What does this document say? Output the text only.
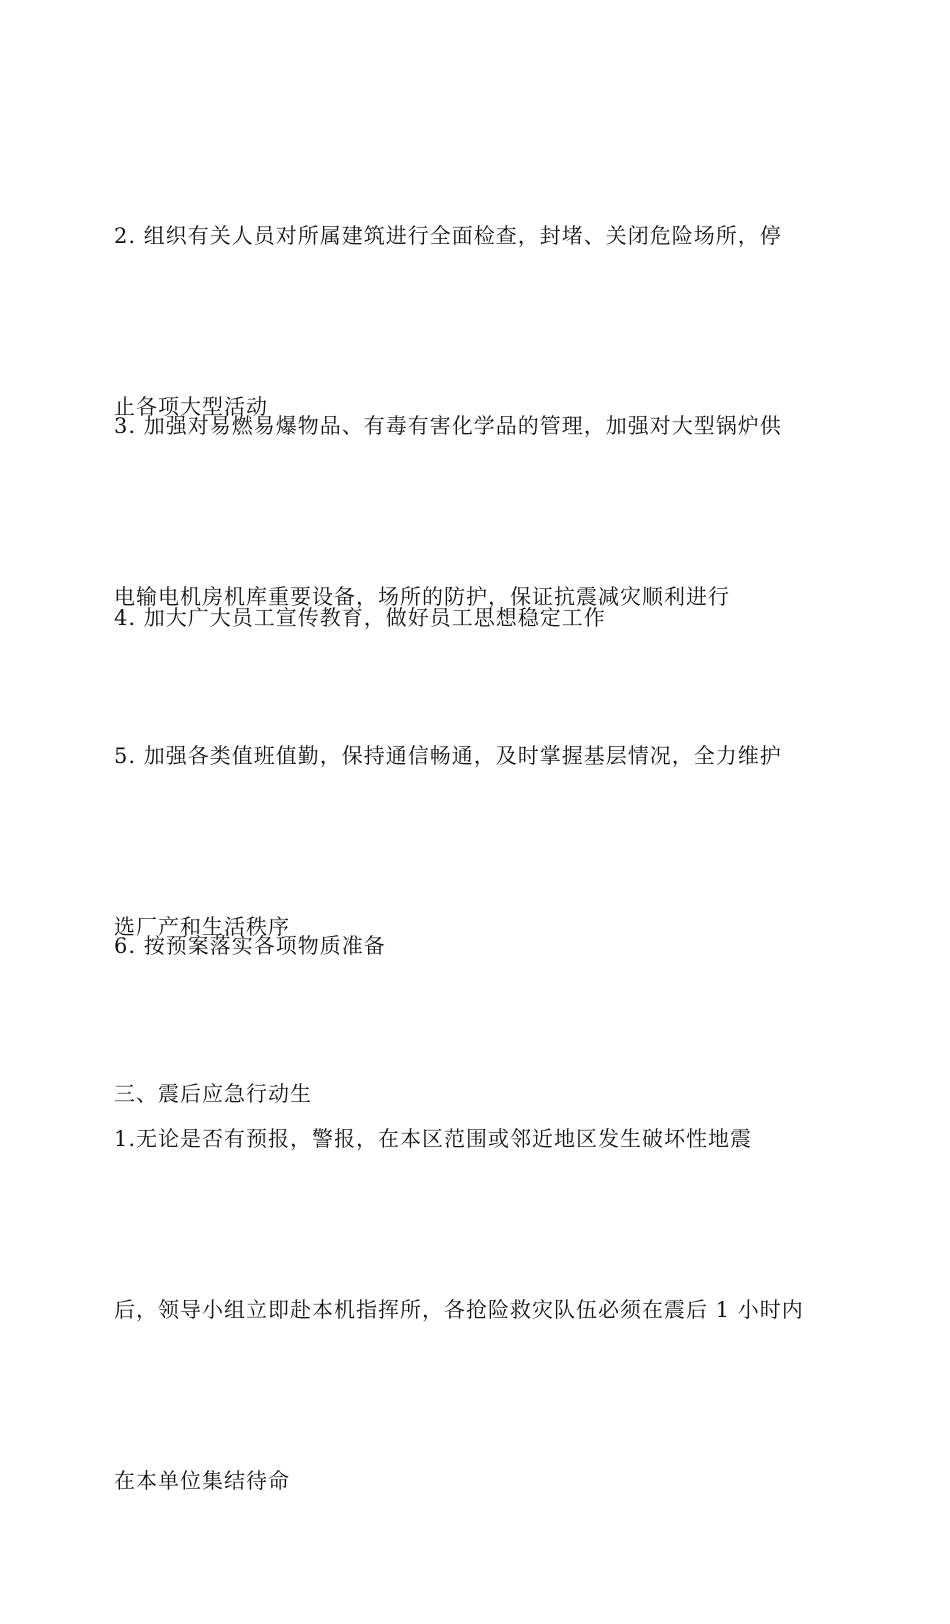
2. 组织有关人员对所属建筑进行全面检查，封堵、关闭危险场所，停

止各项大型活动

3. 加强对易燃易爆物品、有毒有害化学品的管理，加强对大型锅炉供

电输电机房机库重要设备，场所的防护，保证抗震减灾顺利进行

4. 加大广大员工宣传教育，做好员工思想稳定工作

5. 加强各类值班值勤，保持通信畅通，及时掌握基层情况，全力维护

选厂产和生活秩序

6. 按预案落实各项物质准备

三、震后应急行动生

1.无论是否有预报，警报，在本区范围或邻近地区发生破坏性地震

后，领导小组立即赴本机指挥所，各抢险救灾队伍必须在震后 1 小时内

在本单位集结待命
